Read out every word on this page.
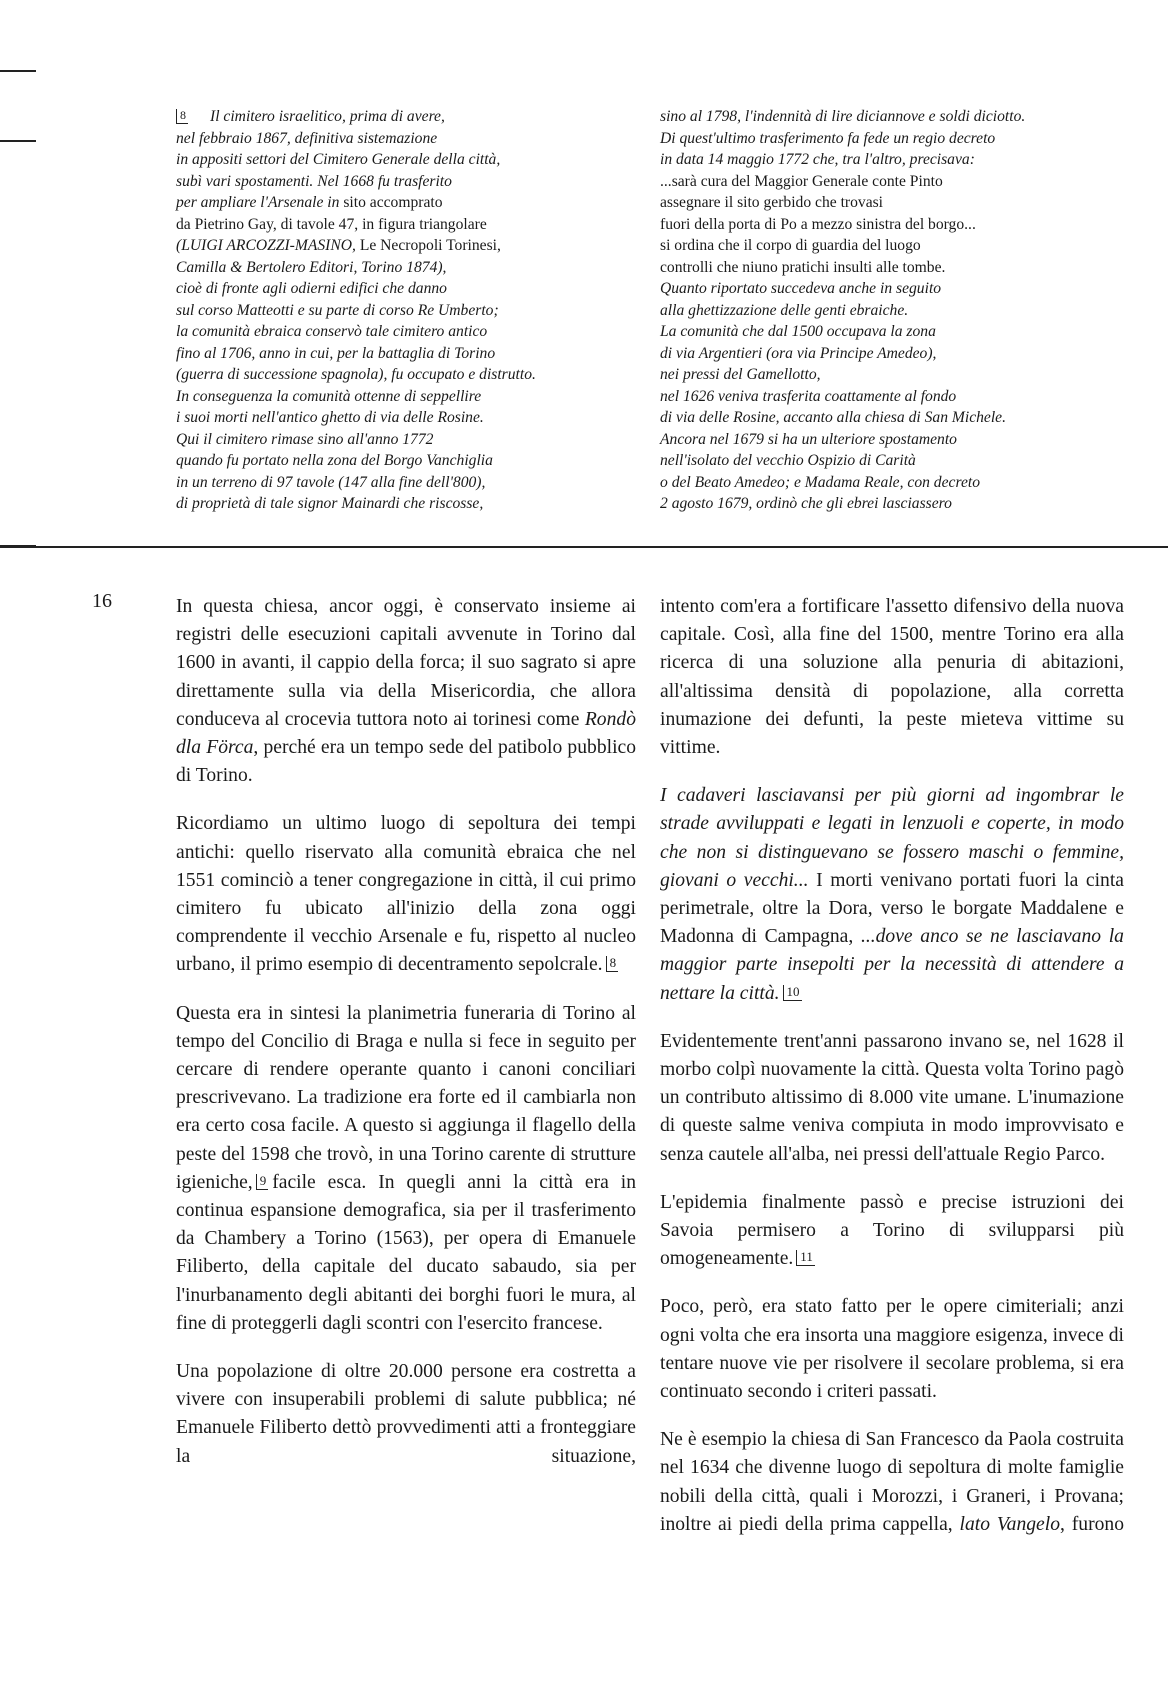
8 Il cimitero israelitico, prima di avere,
nel febbraio 1867, definitiva sistemazione
in appositi settori del Cimitero Generale della città,
subì vari spostamenti. Nel 1668 fu trasferito
per ampliare l'Arsenale in sito accomprato
da Pietrino Gay, di tavole 47, in figura triangolare
(LUIGI ARCOZZI-MASINO, Le Necropoli Torinesi,
Camilla & Bertolero Editori, Torino 1874),
cioè di fronte agli odierni edifici che danno
sul corso Matteotti e su parte di corso Re Umberto;
la comunità ebraica conservò tale cimitero antico
fino al 1706, anno in cui, per la battaglia di Torino
(guerra di successione spagnola), fu occupato e distrutto.
In conseguenza la comunità ottenne di seppellire
i suoi morti nell'antico ghetto di via delle Rosine.
Qui il cimitero rimase sino all'anno 1772
quando fu portato nella zona del Borgo Vanchiglia
in un terreno di 97 tavole (147 alla fine dell'800),
di proprietà di tale signor Mainardi che riscosse,
sino al 1798, l'indennità di lire diciannove e soldi diciotto.
Di quest'ultimo trasferimento fa fede un regio decreto
in data 14 maggio 1772 che, tra l'altro, precisava:
...sarà cura del Maggior Generale conte Pinto
assegnare il sito gerbido che trovasi
fuori della porta di Po a mezzo sinistra del borgo...
si ordina che il corpo di guardia del luogo
controlli che niuno pratichi insulti alle tombe.
Quanto riportato succedeva anche in seguito
alla ghettizzazione delle genti ebraiche.
La comunità che dal 1500 occupava la zona
di via Argentieri (ora via Principe Amedeo),
nei pressi del Gamellotto,
nel 1626 veniva trasferita coattamente al fondo
di via delle Rosine, accanto alla chiesa di San Michele.
Ancora nel 1679 si ha un ulteriore spostamento
nell'isolato del vecchio Ospizio di Carità
o del Beato Amedeo; e Madama Reale, con decreto
2 agosto 1679, ordinò che gli ebrei lasciassero
16	In questa chiesa, ancor oggi, è conservato insieme ai registri delle esecuzioni capitali avvenute in Torino dal 1600 in avanti, il cappio della forca; il suo sagrato si apre direttamente sulla via della Misericordia, che allora conduceva al crocevia tuttora noto ai torinesi come Rondò dla Förca, perché era un tempo sede del patibolo pubblico di Torino.

Ricordiamo un ultimo luogo di sepoltura dei tempi antichi: quello riservato alla comunità ebraica che nel 1551 cominciò a tener congregazione in città, il cui primo cimitero fu ubicato all'inizio della zona oggi comprendente il vecchio Arsenale e fu, rispetto al nucleo urbano, il primo esempio di decentramento sepolcrale. 8

Questa era in sintesi la planimetria funeraria di Torino al tempo del Concilio di Braga e nulla si fece in seguito per cercare di rendere operante quanto i canoni conciliari prescrivevano. La tradizione era forte ed il cambiarla non era certo cosa facile. A questo si aggiunga il flagello della peste del 1598 che trovò, in una Torino carente di strutture igieniche, 9 facile esca. In quegli anni la città era in continua espansione demografica, sia per il trasferimento da Chambery a Torino (1563), per opera di Emanuele Filiberto, della capitale del ducato sabaudo, sia per l'inurbanamento degli abitanti dei borghi fuori le mura, al fine di proteggerli dagli scontri con l'esercito francese.

Una popolazione di oltre 20.000 persone era costretta a vivere con insuperabili problemi di salute pubblica; né Emanuele Filiberto dettò provvedimenti atti a fronteggiare la situazione,

intento com'era a fortificare l'assetto difensivo della nuova capitale. Così, alla fine del 1500, mentre Torino era alla ricerca di una soluzione alla penuria di abitazioni, all'altissima densità di popolazione, alla corretta inumazione dei defunti, la peste mieteva vittime su vittime.

I cadaveri lasciavansi per più giorni ad ingombrar le strade avviluppati e legati in lenzuoli e coperte, in modo che non si distinguevano se fossero maschi o femmine, giovani o vecchi... I morti venivano portati fuori la cinta perimetrale, oltre la Dora, verso le borgate Maddalene e Madonna di Campagna, ...dove anco se ne lasciavano la maggior parte insepolti per la necessità di attendere a nettare la città. 10

Evidentemente trent'anni passarono invano se, nel 1628 il morbo colpì nuovamente la città. Questa volta Torino pagò un contributo altissimo di 8.000 vite umane. L'inumazione di queste salme veniva compiuta in modo improvvisato e senza cautele all'alba, nei pressi dell'attuale Regio Parco.

L'epidemia finalmente passò e precise istruzioni dei Savoia permisero a Torino di svilupparsi più omogeneamente. 11

Poco, però, era stato fatto per le opere cimiteriali; anzi ogni volta che era insorta una maggiore esigenza, invece di tentare nuove vie per risolvere il secolare problema, si era continuato secondo i criteri passati.

Ne è esempio la chiesa di San Francesco da Paola costruita nel 1634 che divenne luogo di sepoltura di molte famiglie nobili della città, quali i Morozzi, i Graneri, i Provana; inoltre ai piedi della prima cappella, lato Vangelo, furono
